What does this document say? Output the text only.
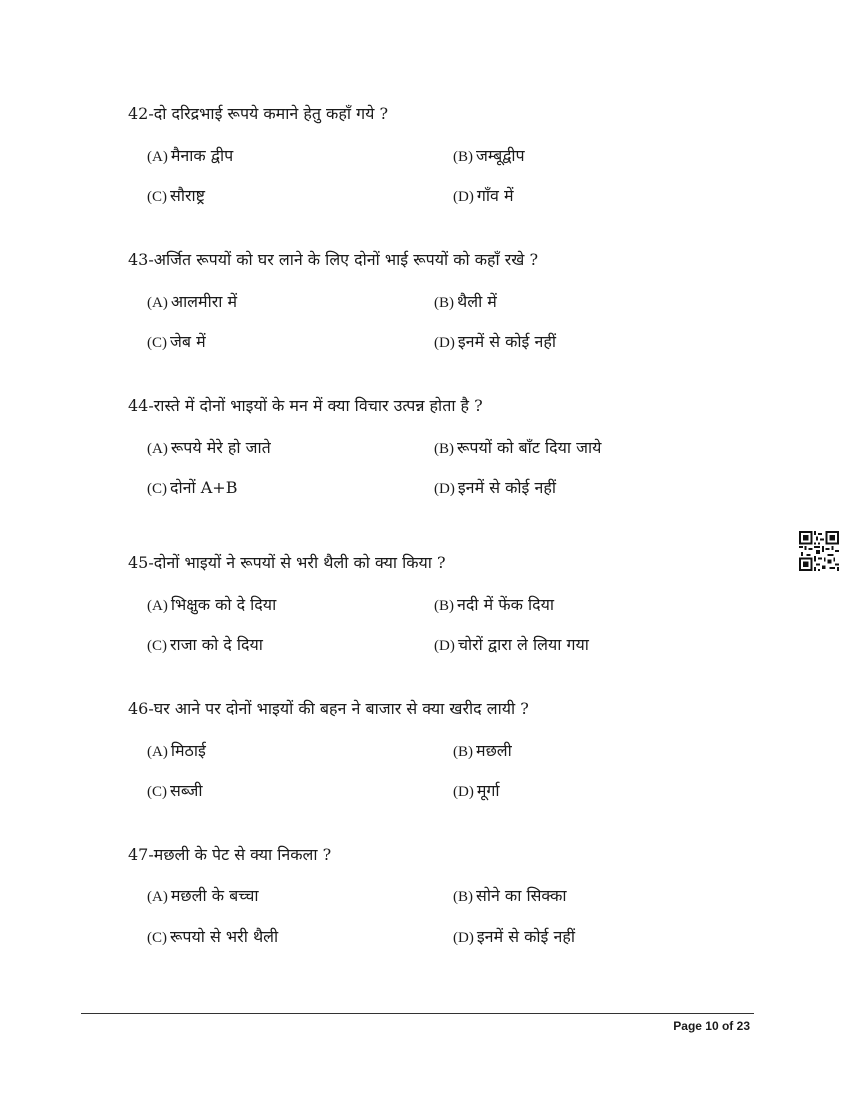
42-दो दरिद्रभाई रूपये कमाने हेतु कहाँ गये ?
(A) मैनाक द्वीप	(B) जम्बूद्वीप
(C) सौराष्ट्र	(D) गाँव में
43-अर्जित रूपयों को घर लाने के लिए दोनों भाई रूपयों को कहाँ रखे ?
(A) आलमीरा में	(B) थैली में
(C) जेब में	(D) इनमें से कोई नहीं
44-रास्ते में दोनों भाइयों के मन में क्या विचार उत्पन्न होता है ?
(A) रूपये मेरे हो जाते	(B) रूपयों को बाँट दिया जाये
(C) दोनों A+B	(D) इनमें से कोई नहीं
45-दोनों भाइयों ने रूपयों से भरी थैली को क्या किया ?
(A) भिक्षुक को दे दिया	(B) नदी में फेंक दिया
(C) राजा को दे दिया	(D) चोरों द्वारा ले लिया गया
46-घर आने पर दोनों भाइयों की बहन ने बाजार से क्या खरीद लायी ?
(A) मिठाई	(B) मछली
(C) सब्जी	(D) मूर्गा
47-मछली के पेट से क्या निकला ?
(A) मछली के बच्चा	(B) सोने का सिक्का
(C) रूपयो से भरी थैली	(D) इनमें से कोई नहीं
Page 10 of 23
